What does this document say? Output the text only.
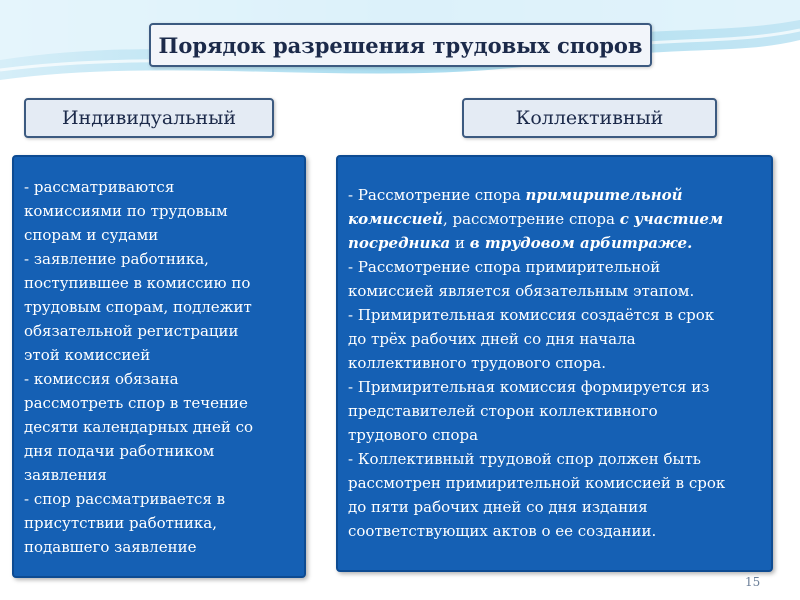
Порядок разрешения трудовых споров
Индивидуальный	Коллективный
- рассматриваются
комиссиями по трудовым
спорам и судами
- заявление работника,
поступившее в комиссию по
трудовым спорам, подлежит
обязательной регистрации
этой комиссией
- комиссия обязана
рассмотреть спор в течение
десяти календарных дней со
дня подачи работником
заявления
- спор рассматривается в
присутствии работника,
подавшего заявление
- Рассмотрение спора примирительной
комиссией, рассмотрение спора с участием
посредника и в трудовом арбитраже.
- Рассмотрение спора примирительной
комиссией является обязательным этапом.
- Примирительная комиссия создаётся в срок
до трёх рабочих дней со дня начала
коллективного трудового спора.
- Примирительная комиссия формируется из
представителей сторон коллективного
трудового спора
- Коллективный трудовой спор должен быть
рассмотрен примирительной комиссией в срок
до пяти рабочих дней со дня издания
соответствующих актов о ее создании.
15
